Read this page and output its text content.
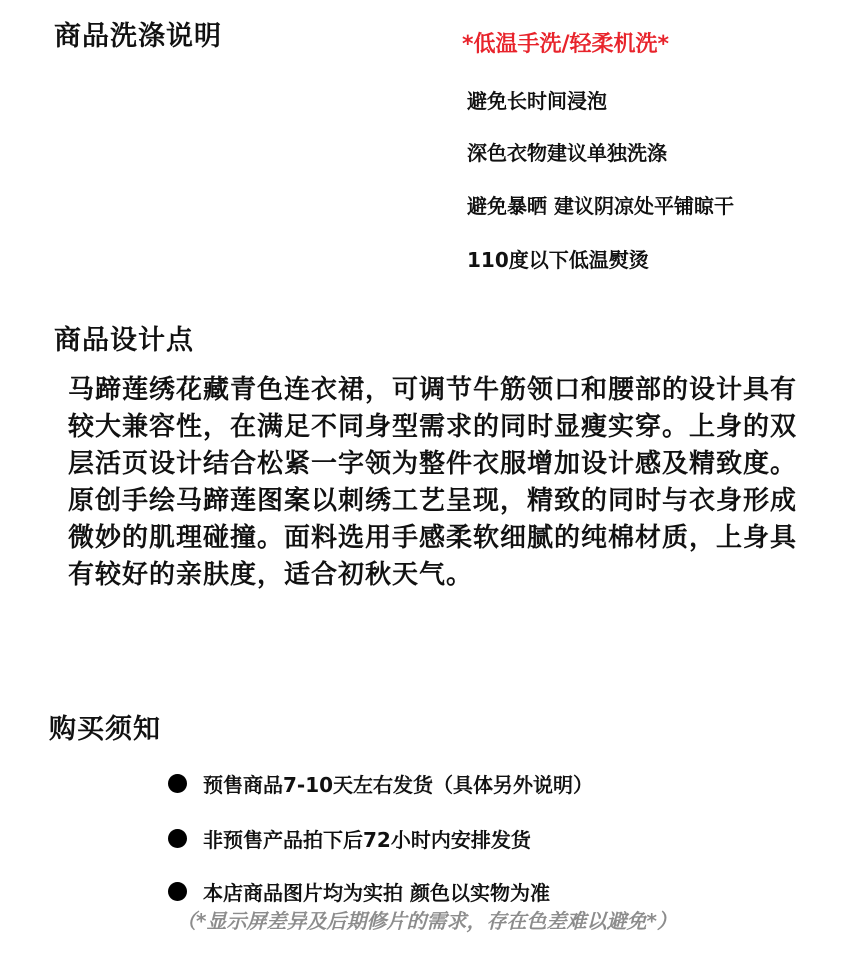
商品洗涤说明	*低温手洗/轻柔机洗*
避免长时间浸泡
深色衣物建议单独洗涤
避免暴晒 建议阴凉处平铺晾干
110度以下低温熨烫
商品设计点
马蹄莲绣花藏青色连衣裙，可调节牛筋领口和腰部的设计具有较大兼容性，在满足不同身型需求的同时显瘦实穿。上身的双层活页设计结合松紧一字领为整件衣服增加设计感及精致度。原创手绘马蹄莲图案以刺绣工艺呈现，精致的同时与衣身形成微妙的肌理碰撞。面料选用手感柔软细腻的纯棉材质，上身具有较好的亲肤度，适合初秋天气。
购买须知
预售商品7-10天左右发货（具体另外说明）
非预售产品拍下后72小时内安排发货
本店商品图片均为实拍 颜色以实物为准
（*显示屏差异及后期修片的需求，存在色差难以避免*）
